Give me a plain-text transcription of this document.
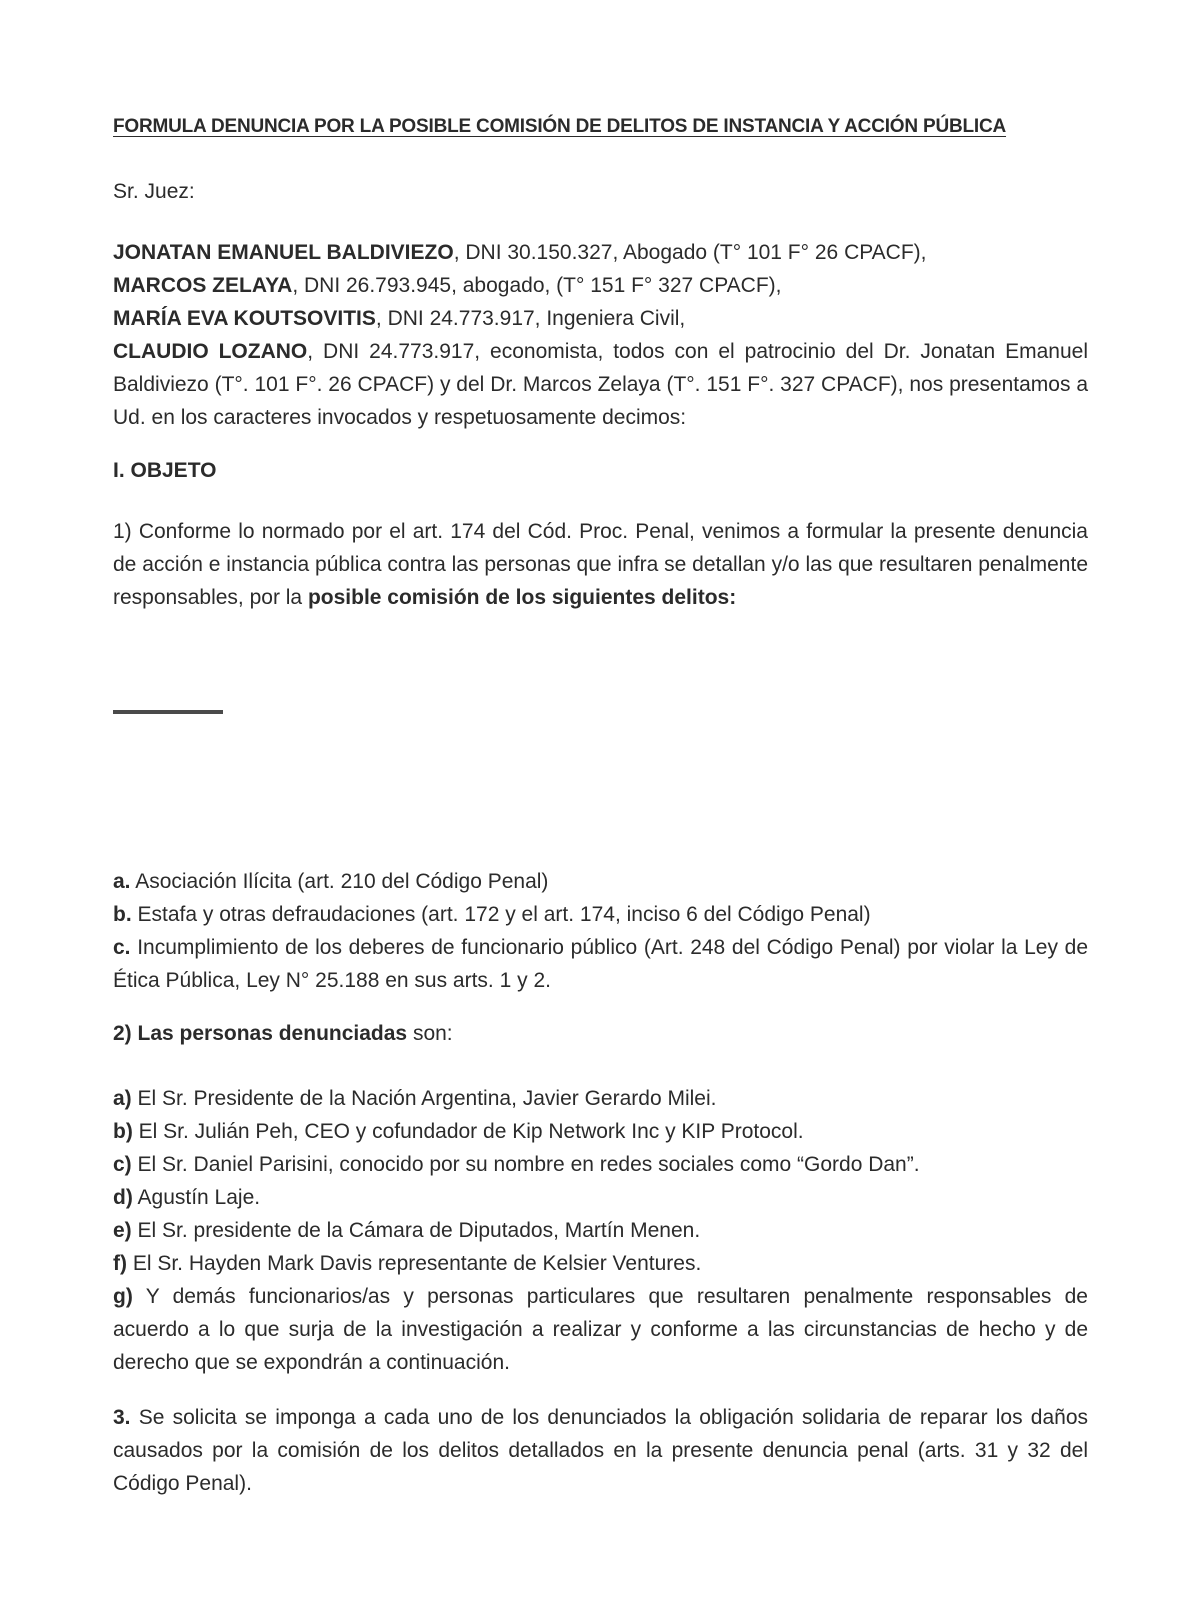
FORMULA DENUNCIA POR LA POSIBLE COMISIÓN DE DELITOS DE INSTANCIA Y ACCIÓN PÚBLICA

Sr. Juez:

JONATAN EMANUEL BALDIVIEZO, DNI 30.150.327, Abogado (T° 101 F° 26 CPACF),
MARCOS ZELAYA, DNI 26.793.945, abogado, (T° 151 F° 327 CPACF),
MARÍA EVA KOUTSOVITIS, DNI 24.773.917, Ingeniera Civil,
CLAUDIO LOZANO, DNI 24.773.917, economista, todos con el patrocinio del Dr. Jonatan Emanuel Baldiviezo (T°. 101 F°. 26 CPACF) y del Dr. Marcos Zelaya (T°. 151 F°. 327 CPACF), nos presentamos a Ud. en los caracteres invocados y respetuosamente decimos:

I. OBJETO

1) Conforme lo normado por el art. 174 del Cód. Proc. Penal, venimos a formular la presente denuncia de acción e instancia pública contra las personas que infra se detallan y/o las que resultaren penalmente responsables, por la posible comisión de los siguientes delitos:

a. Asociación Ilícita (art. 210 del Código Penal)

b. Estafa y otras defraudaciones (art. 172 y el art. 174, inciso 6 del Código Penal)

c. Incumplimiento de los deberes de funcionario público (Art. 248 del Código Penal) por violar la Ley de Ética Pública, Ley N° 25.188 en sus arts. 1 y 2.

2) Las personas denunciadas son:

a) El Sr. Presidente de la Nación Argentina, Javier Gerardo Milei.

b) El Sr. Julián Peh, CEO y cofundador de Kip Network Inc y KIP Protocol.

c) El Sr. Daniel Parisini, conocido por su nombre en redes sociales como “Gordo Dan”.

d) Agustín Laje.

e) El Sr. presidente de la Cámara de Diputados, Martín Menen.

f) El Sr. Hayden Mark Davis representante de Kelsier Ventures.

g) Y demás funcionarios/as y personas particulares que resultaren penalmente responsables de acuerdo a lo que surja de la investigación a realizar y conforme a las circunstancias de hecho y de derecho que se expondrán a continuación.

3. Se solicita se imponga a cada uno de los denunciados la obligación solidaria de reparar los daños causados por la comisión de los delitos detallados en la presente denuncia penal (arts. 31 y 32 del Código Penal).
